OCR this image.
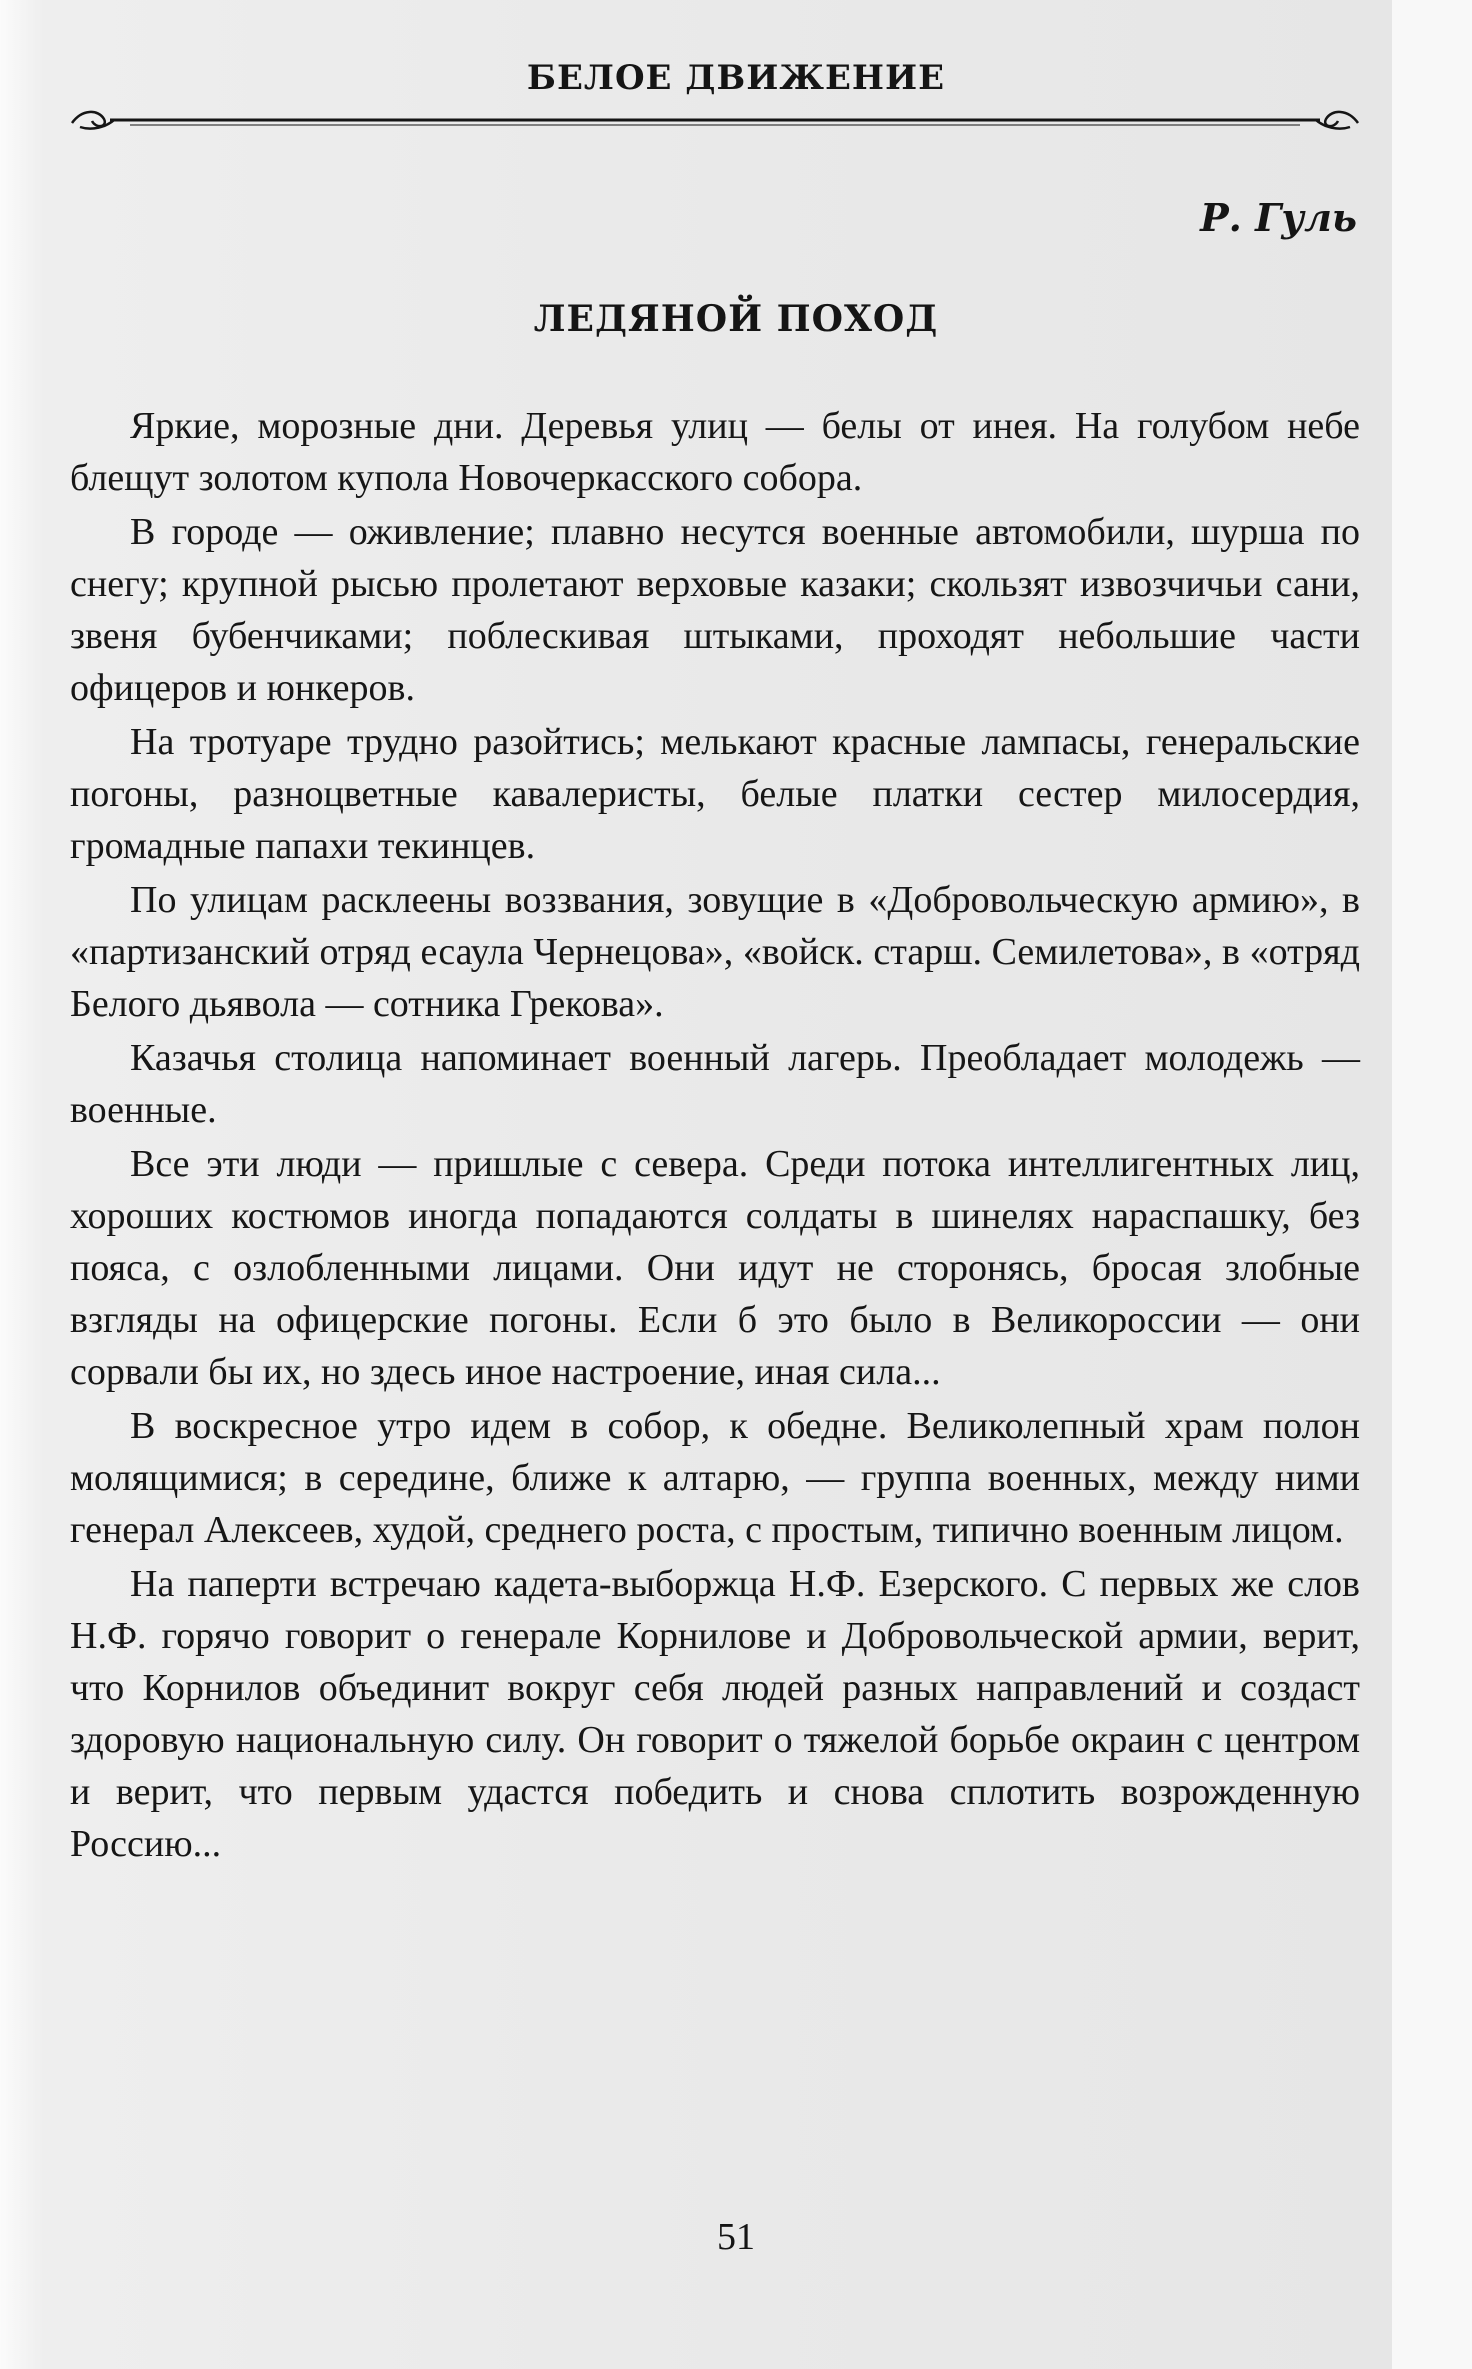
БЕЛОЕ ДВИЖЕНИЕ
Р. Гуль
ЛЕДЯНОЙ ПОХОД

Яркие, морозные дни. Деревья улиц — белы от инея. На голубом небе блещут золотом купола Новочеркасского собора.

В городе — оживление; плавно несутся военные автомобили, шурша по снегу; крупной рысью пролетают верховые казаки; скользят извозчичьи сани, звеня бубенчиками; поблескивая штыками, проходят небольшие части офицеров и юнкеров.

На тротуаре трудно разойтись; мелькают красные лампасы, генеральские погоны, разноцветные кавалеристы, белые платки сестер милосердия, громадные папахи текинцев.

По улицам расклеены воззвания, зовущие в «Добровольческую армию», в «партизанский отряд есаула Чернецова», «войск. старш. Семилетова», в «отряд Белого дьявола — сотника Грекова».

Казачья столица напоминает военный лагерь. Преобладает молодежь — военные.

Все эти люди — пришлые с севера. Среди потока интеллигентных лиц, хороших костюмов иногда попадаются солдаты в шинелях нараспашку, без пояса, с озлобленными лицами. Они идут не сторонясь, бросая злобные взгляды на офицерские погоны. Если б это было в Великороссии — они сорвали бы их, но здесь иное настроение, иная сила...

В воскресное утро идем в собор, к обедне. Великолепный храм полон молящимися; в середине, ближе к алтарю, — группа военных, между ними генерал Алексеев, худой, среднего роста, с простым, типично военным лицом.

На паперти встречаю кадета-выборжца Н.Ф. Езерского. С первых же слов Н.Ф. горячо говорит о генерале Корнилове и Добровольческой армии, верит, что Корнилов объединит вокруг себя людей разных направлений и создаст здоровую национальную силу. Он говорит о тяжелой борьбе окраин с центром и верит, что первым удастся победить и снова сплотить возрожденную Россию...

51
